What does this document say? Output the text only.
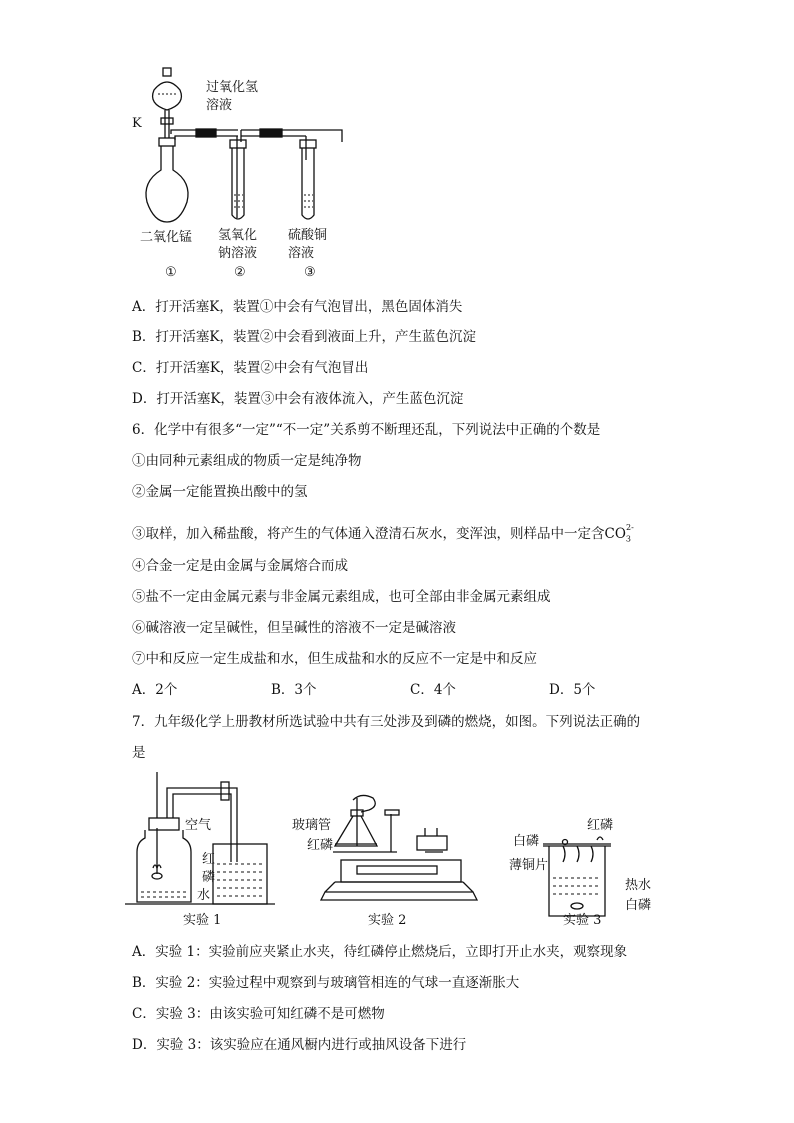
过氧化氢
溶液
K
二氧化锰 氢氧化
钠溶液
硫酸铜
溶液
①	②	③
A．打开活塞K，装置①中会有气泡冒出，黑色固体消失
B．打开活塞K，装置②中会看到液面上升，产生蓝色沉淀
C．打开活塞K，装置②中会有气泡冒出
D．打开活塞K，装置③中会有液体流入，产生蓝色沉淀
6．化学中有很多“一定”“不一定”关系剪不断理还乱，下列说法中正确的个数是
①由同种元素组成的物质一定是纯净物
②金属一定能置换出酸中的氢
③取样，加入稀盐酸，将产生的气体通入澄清石灰水，变浑浊，则样品中一定含$CO_3^{2-}$
④合金一定是由金属与金属熔合而成
⑤盐不一定由金属元素与非金属元素组成，也可全部由非金属元素组成
⑥碱溶液一定呈碱性，但呈碱性的溶液不一定是碱溶液
⑦中和反应一定生成盐和水，但生成盐和水的反应不一定是中和反应
A．2个	B．3个	C．4个	D．5个
7．九年级化学上册教材所选试验中共有三处涉及到磷的燃烧，如图。下列说法正确的
是
空气
红
磷
水
实验 1
玻璃管
红磷
实验 2
白磷
红磷
薄铜片
热水
白磷
实验 3
A．实验 1：实验前应夹紧止水夹，待红磷停止燃烧后，立即打开止水夹，观察现象
B．实验 2：实验过程中观察到与玻璃管相连的气球一直逐渐胀大
C．实验 3：由该实验可知红磷不是可燃物
D．实验 3：该实验应在通风橱内进行或抽风设备下进行
